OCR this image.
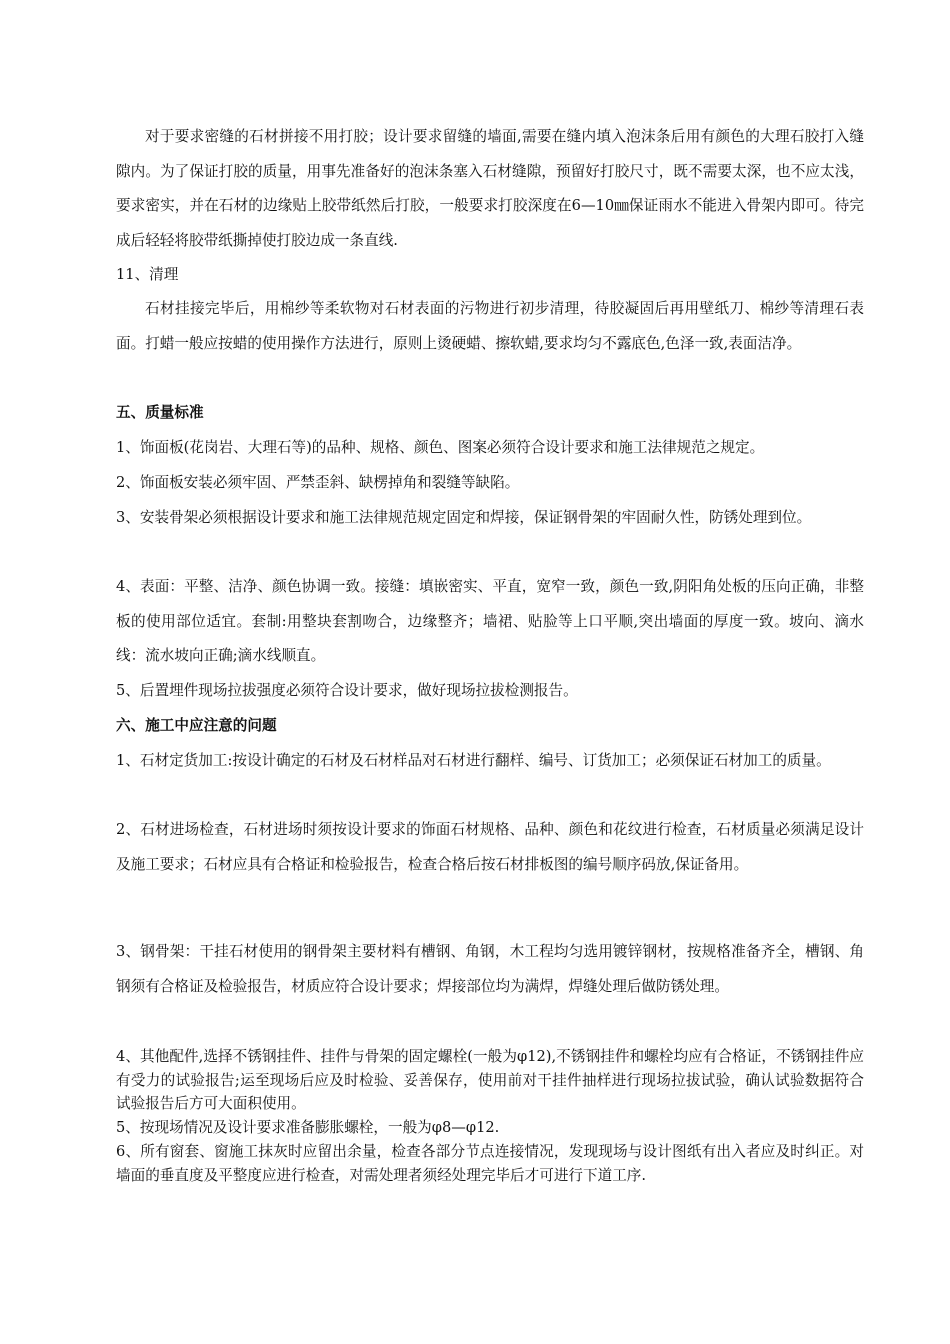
对于要求密缝的石材拼接不用打胶；设计要求留缝的墙面,需要在缝内填入泡沫条后用有颜色的大理石胶打入缝隙内。为了保证打胶的质量，用事先准备好的泡沫条塞入石材缝隙，预留好打胶尺寸，既不需要太深，也不应太浅，要求密实，并在石材的边缘贴上胶带纸然后打胶，一般要求打胶深度在6—10㎜保证雨水不能进入骨架内即可。待完成后轻轻将胶带纸撕掉使打胶边成一条直线.

11、清理

石材挂接完毕后，用棉纱等柔软物对石材表面的污物进行初步清理，待胶凝固后再用壁纸刀、棉纱等清理石表面。打蜡一般应按蜡的使用操作方法进行，原则上烫硬蜡、擦软蜡,要求均匀不露底色,色泽一致,表面洁净。

五、质量标准

1、饰面板(花岗岩、大理石等)的品种、规格、颜色、图案必须符合设计要求和施工法律规范之规定。

2、饰面板安装必须牢固、严禁歪斜、缺楞掉角和裂缝等缺陷。

3、安装骨架必须根据设计要求和施工法律规范规定固定和焊接，保证钢骨架的牢固耐久性，防锈处理到位。

4、表面：平整、洁净、颜色协调一致。接缝：填嵌密实、平直，宽窄一致，颜色一致,阴阳角处板的压向正确，非整板的使用部位适宜。套制:用整块套割吻合，边缘整齐；墙裙、贴脸等上口平顺,突出墙面的厚度一致。坡向、滴水线：流水坡向正确;滴水线顺直。

5、后置埋件现场拉拔强度必须符合设计要求，做好现场拉拔检测报告。

六、施工中应注意的问题

1、石材定货加工:按设计确定的石材及石材样品对石材进行翻样、编号、订货加工；必须保证石材加工的质量。

2、石材进场检查，石材进场时须按设计要求的饰面石材规格、品种、颜色和花纹进行检查，石材质量必须满足设计及施工要求；石材应具有合格证和检验报告，检查合格后按石材排板图的编号顺序码放,保证备用。

3、钢骨架：干挂石材使用的钢骨架主要材料有槽钢、角钢，木工程均匀选用镀锌钢材，按规格准备齐全，槽钢、角钢须有合格证及检验报告，材质应符合设计要求；焊接部位均为满焊，焊缝处理后做防锈处理。

4、其他配件,选择不锈钢挂件、挂件与骨架的固定螺栓(一般为φ12),不锈钢挂件和螺栓均应有合格证，不锈钢挂件应有受力的试验报告;运至现场后应及时检验、妥善保存，使用前对干挂件抽样进行现场拉拔试验，确认试验数据符合试验报告后方可大面积使用。

5、按现场情况及设计要求准备膨胀螺栓，一般为φ8—φ12.

6、所有窗套、窗施工抹灰时应留出余量，检查各部分节点连接情况，发现现场与设计图纸有出入者应及时纠正。对墙面的垂直度及平整度应进行检查，对需处理者须经处理完毕后才可进行下道工序.
